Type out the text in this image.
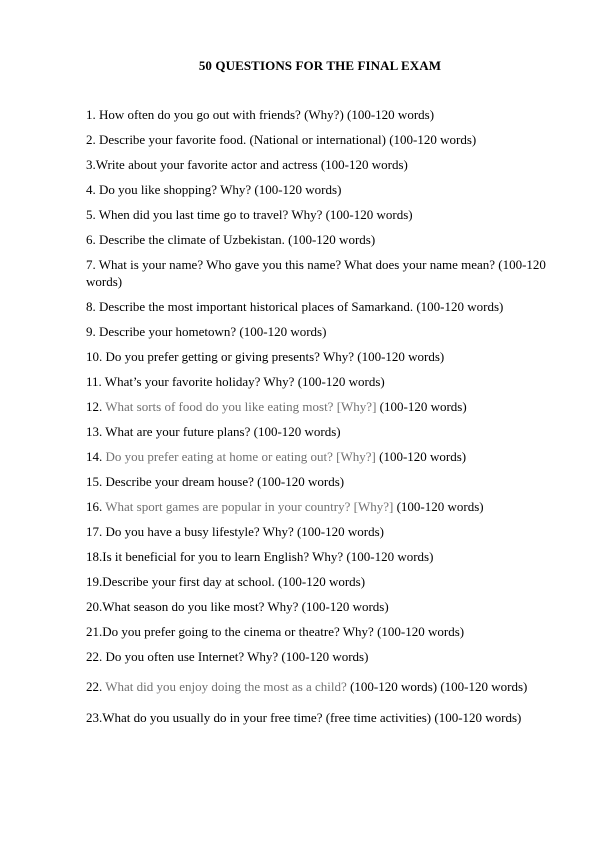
50 QUESTIONS FOR THE FINAL EXAM
1. How often do you go out with friends? (Why?) (100-120 words)
2. Describe your favorite food. (National or international) (100-120 words)
3.Write about your favorite actor and actress (100-120 words)
4. Do you like shopping? Why? (100-120 words)
5. When did you last time go to travel? Why? (100-120 words)
6. Describe the climate of Uzbekistan. (100-120 words)
7. What is your name? Who gave you this name? What does your name mean? (100-120 words)
8. Describe the most important historical places of Samarkand. (100-120 words)
9. Describe your hometown? (100-120 words)
10. Do you prefer getting or giving presents? Why? (100-120 words)
11. What’s your favorite holiday? Why? (100-120 words)
12. What sorts of food do you like eating most? [Why?] (100-120 words)
13. What are your future plans? (100-120 words)
14. Do you prefer eating at home or eating out? [Why?] (100-120 words)
15. Describe your dream house? (100-120 words)
16. What sport games are popular in your country? [Why?] (100-120 words)
17. Do you have a busy lifestyle? Why? (100-120 words)
18.Is it beneficial for you to learn English? Why? (100-120 words)
19.Describe your first day at school. (100-120 words)
20.What season do you like most? Why? (100-120 words)
21.Do you prefer going to the cinema or theatre? Why? (100-120 words)
22. Do you often use Internet? Why? (100-120 words)
22. What did you enjoy doing the most as a child? (100-120 words) (100-120 words)
23.What do you usually do in your free time? (free time activities) (100-120 words)
